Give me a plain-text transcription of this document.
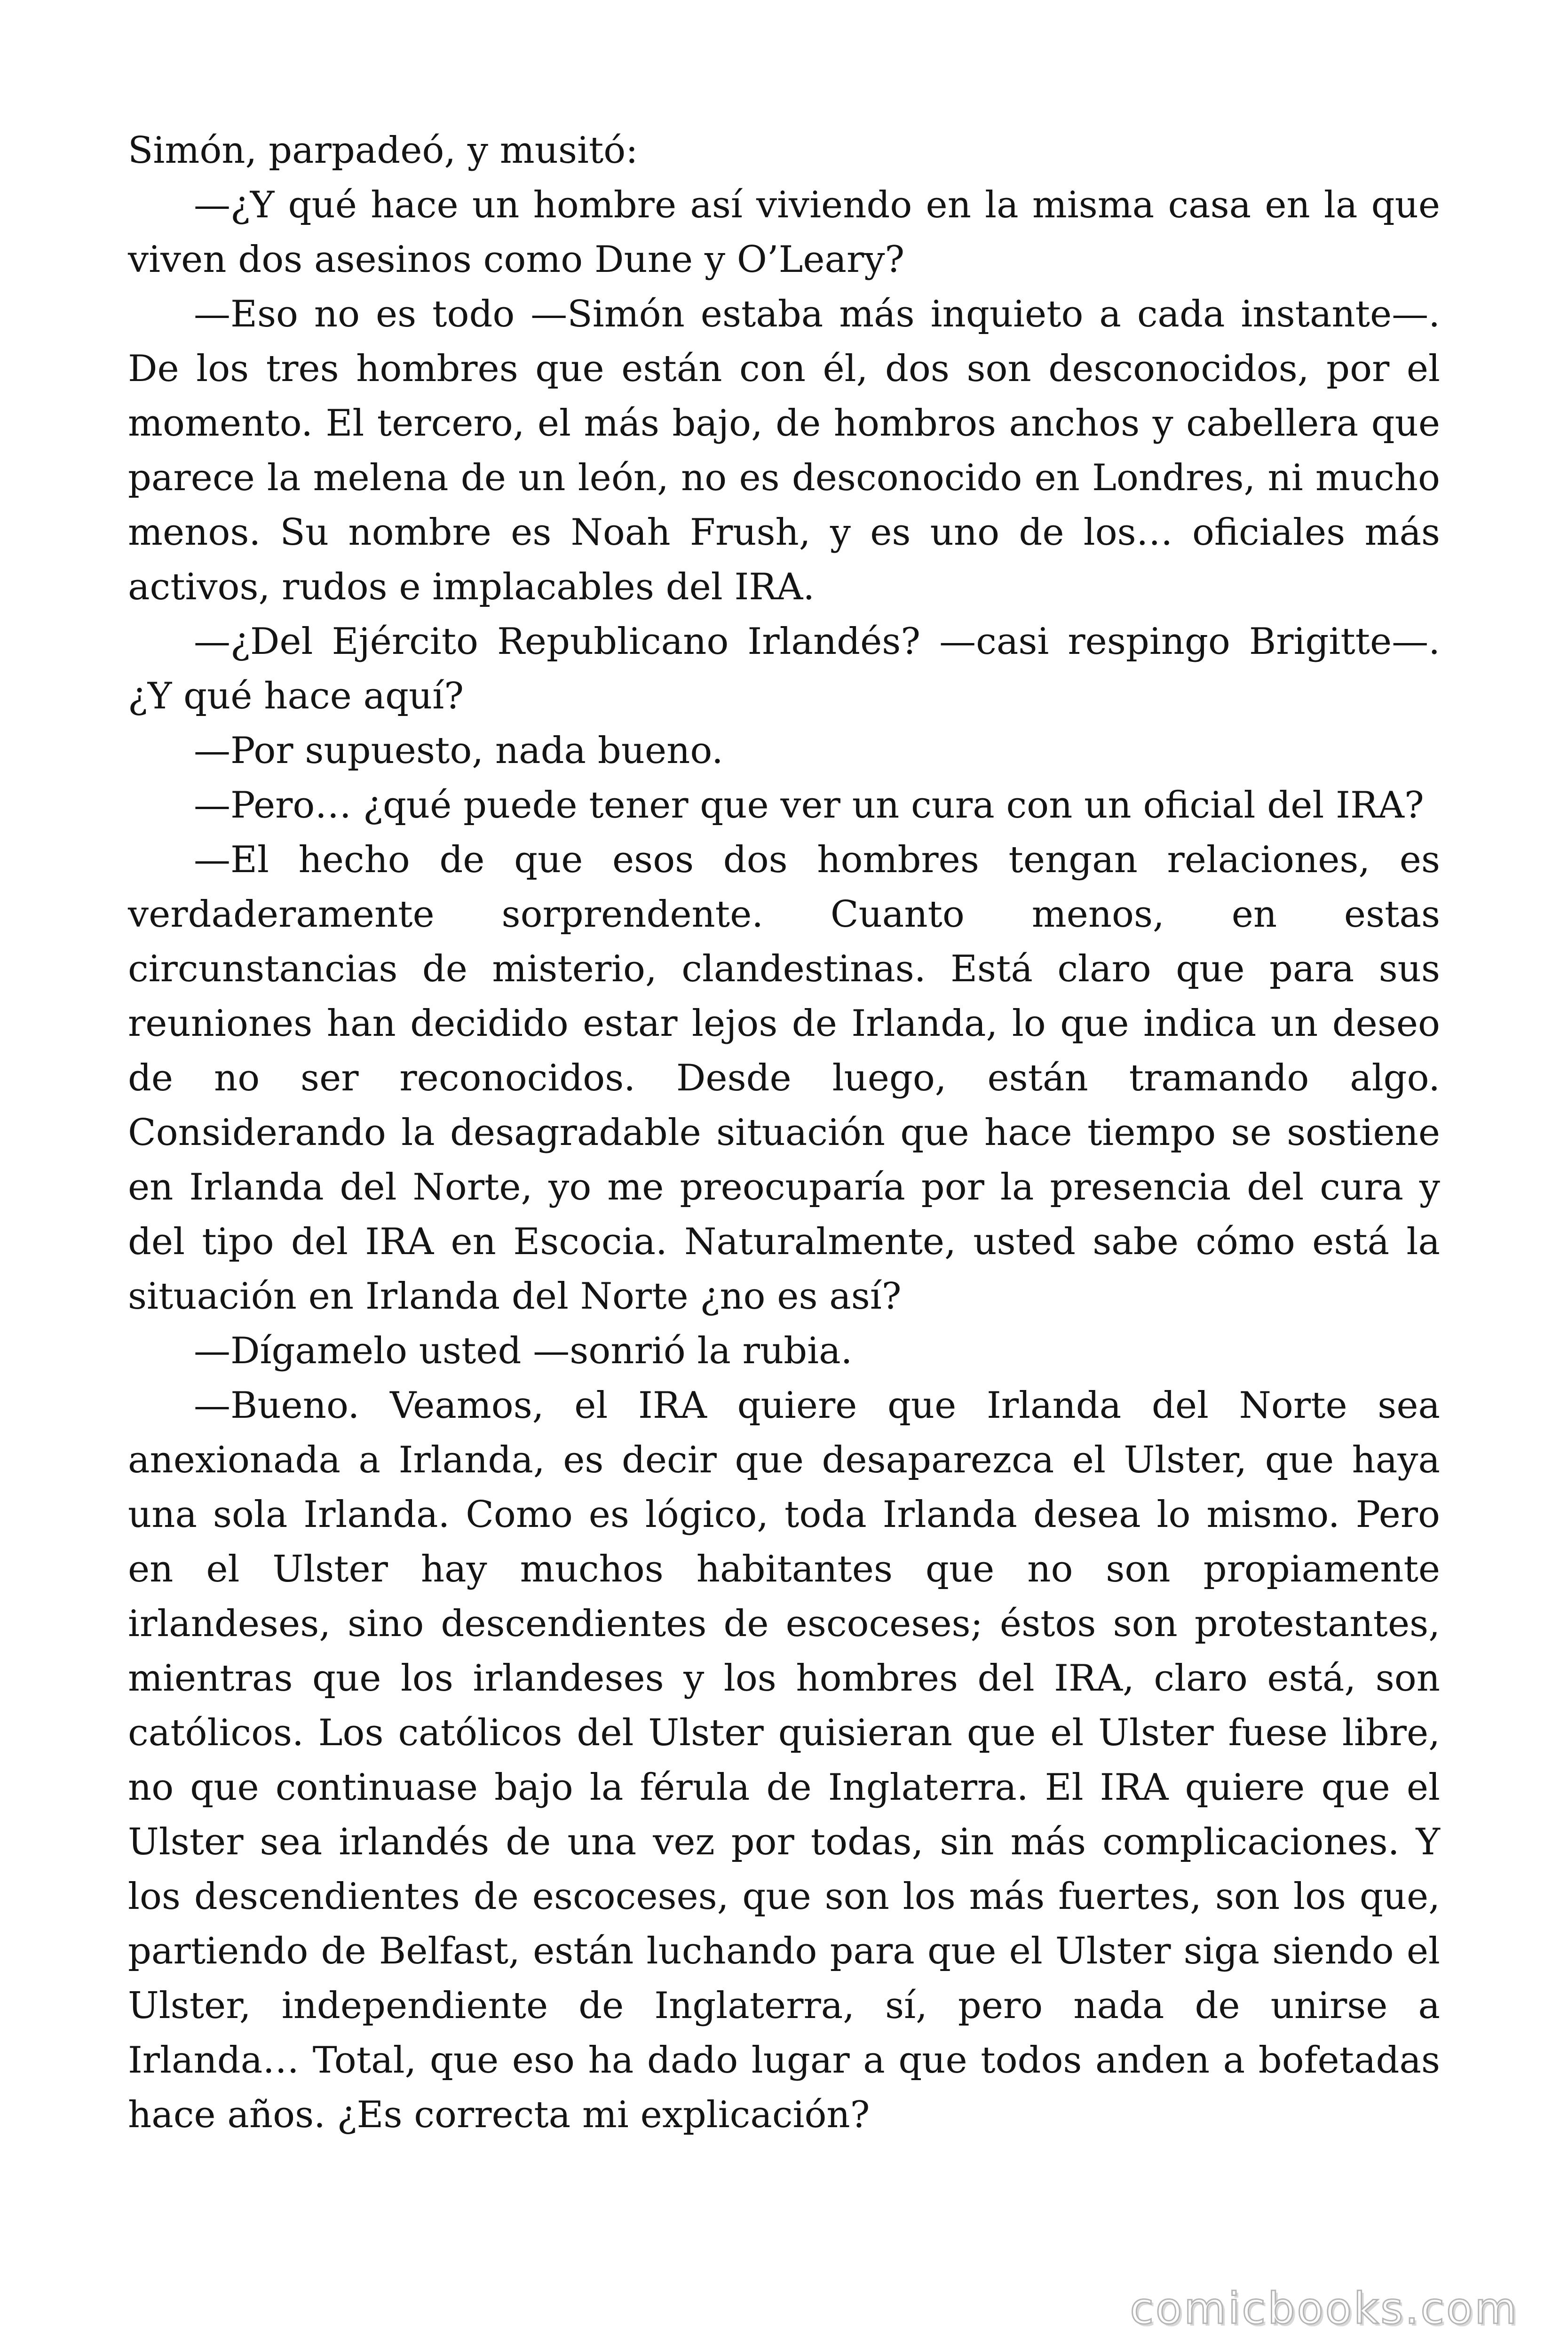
Simón, parpadeó, y musitó:

—¿Y qué hace un hombre así viviendo en la misma casa en la que viven dos asesinos como Dune y O’Leary?

—Eso no es todo —Simón estaba más inquieto a cada instante—. De los tres hombres que están con él, dos son desconocidos, por el momento. El tercero, el más bajo, de hombros anchos y cabellera que parece la melena de un león, no es desconocido en Londres, ni mucho menos. Su nombre es Noah Frush, y es uno de los… oficiales más activos, rudos e implacables del IRA.

—¿Del Ejército Republicano Irlandés? —casi respingo Brigitte—. ¿Y qué hace aquí?

—Por supuesto, nada bueno.

—Pero… ¿qué puede tener que ver un cura con un oficial del IRA?

—El hecho de que esos dos hombres tengan relaciones, es verdaderamente sorprendente. Cuanto menos, en estas circunstancias de misterio, clandestinas. Está claro que para sus reuniones han decidido estar lejos de Irlanda, lo que indica un deseo de no ser reconocidos. Desde luego, están tramando algo. Considerando la desagradable situación que hace tiempo se sostiene en Irlanda del Norte, yo me preocuparía por la presencia del cura y del tipo del IRA en Escocia. Naturalmente, usted sabe cómo está la situación en Irlanda del Norte ¿no es así?

—Dígamelo usted —sonrió la rubia.

—Bueno. Veamos, el IRA quiere que Irlanda del Norte sea anexionada a Irlanda, es decir que desaparezca el Ulster, que haya una sola Irlanda. Como es lógico, toda Irlanda desea lo mismo. Pero en el Ulster hay muchos habitantes que no son propiamente irlandeses, sino descendientes de escoceses; éstos son protestantes, mientras que los irlandeses y los hombres del IRA, claro está, son católicos. Los católicos del Ulster quisieran que el Ulster fuese libre, no que continuase bajo la férula de Inglaterra. El IRA quiere que el Ulster sea irlandés de una vez por todas, sin más complicaciones. Y los descendientes de escoceses, que son los más fuertes, son los que, partiendo de Belfast, están luchando para que el Ulster siga siendo el Ulster, independiente de Inglaterra, sí, pero nada de unirse a Irlanda… Total, que eso ha dado lugar a que todos anden a bofetadas hace años. ¿Es correcta mi explicación?

comicbooks.com
